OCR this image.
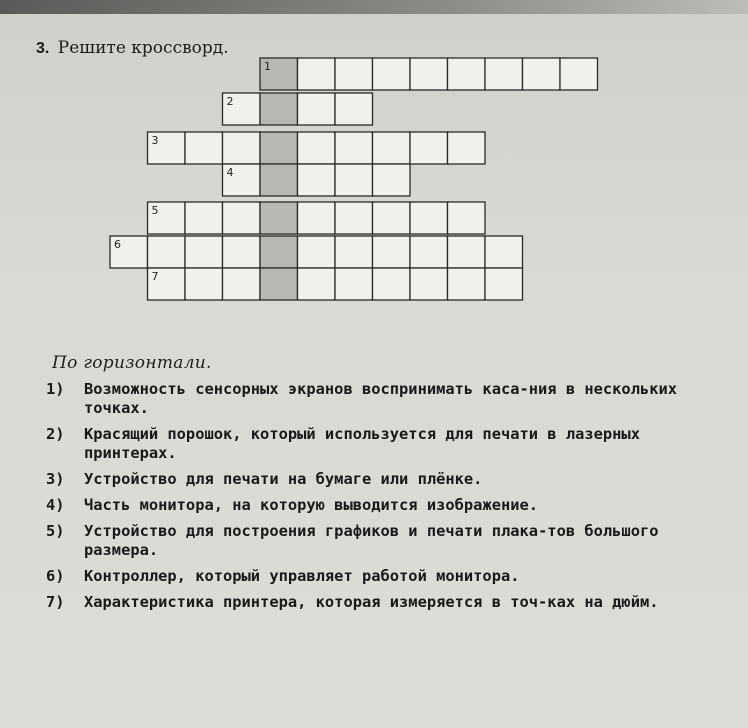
3. Решите кроссворд.
1
2
3
4
5
6
7
По горизонтали.
1)	Возможность сенсорных экранов воспринимать каса-ния в нескольких точках.
2)	Красящий порошок, который используется для печати в лазерных принтерах.
3)	Устройство для печати на бумаге или плёнке.
4)	Часть монитора, на которую выводится изображение.
5)	Устройство для построения графиков и печати плака-тов большого размера.
6)	Контроллер, который управляет работой монитора.
7)	Характеристика принтера, которая измеряется в точ-ках на дюйм.
